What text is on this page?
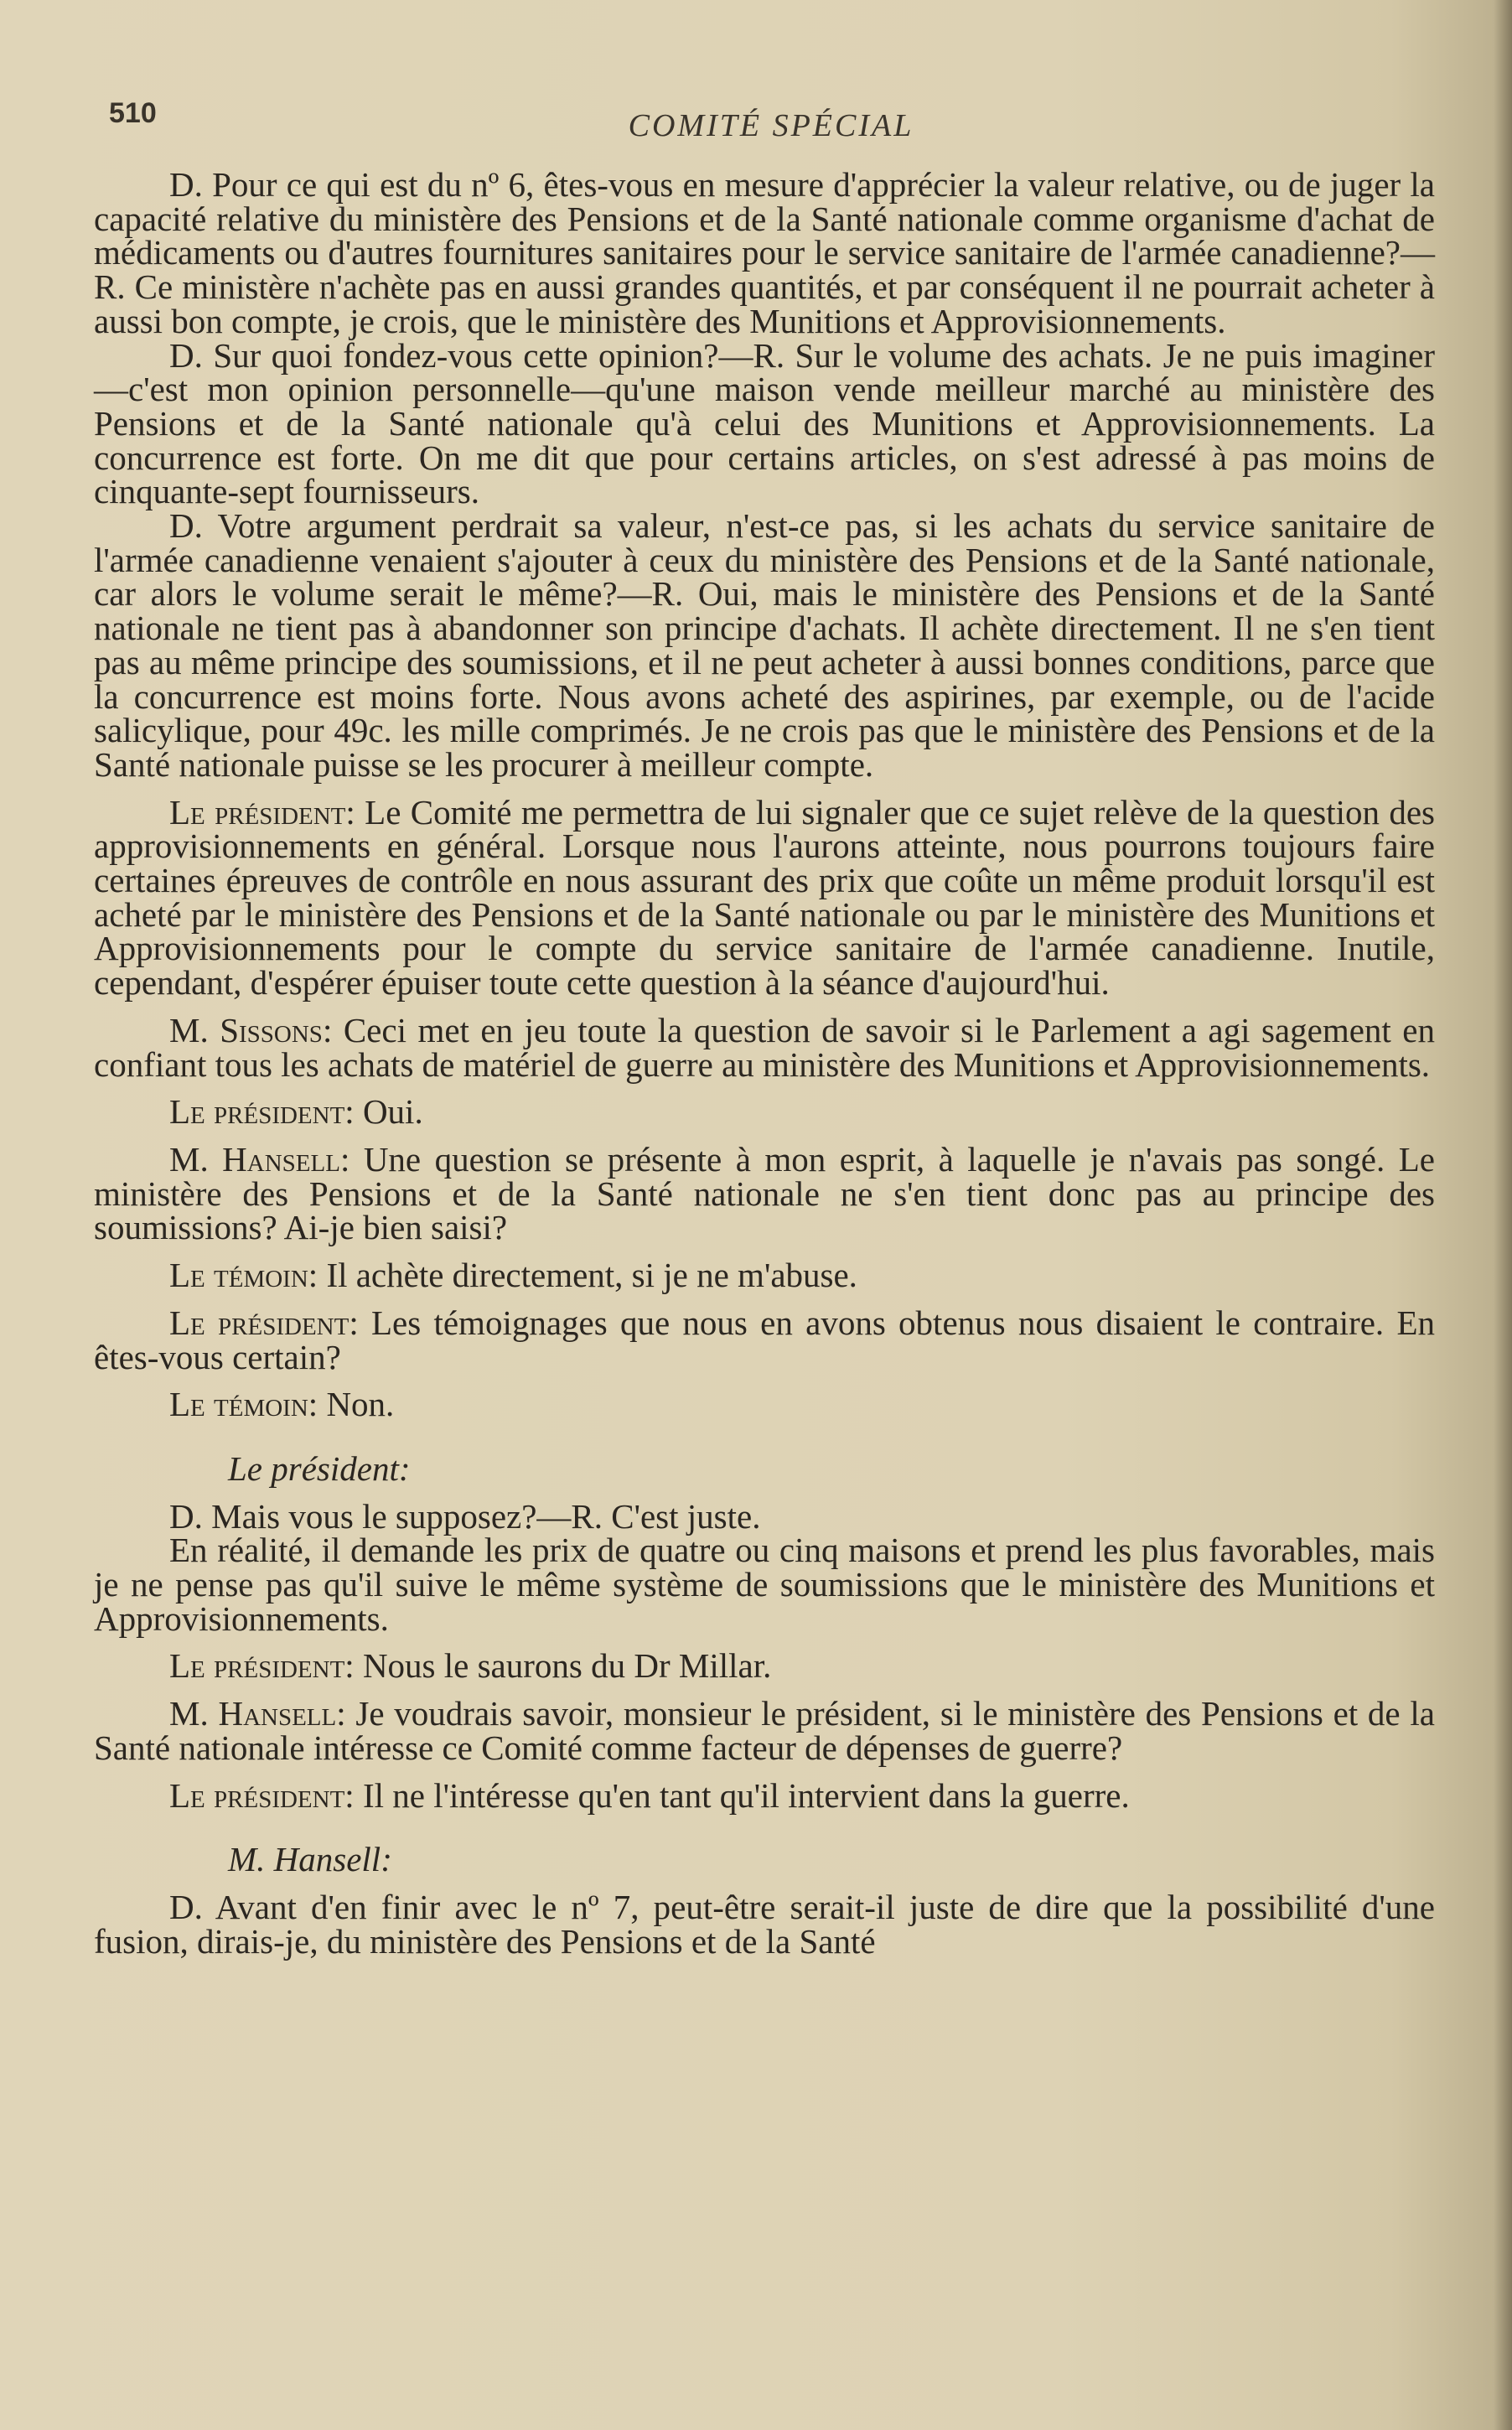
510	COMITÉ SPÉCIAL

D. Pour ce qui est du nº 6, êtes-vous en mesure d'apprécier la valeur relative, ou de juger la capacité relative du ministère des Pensions et de la Santé nationale comme organisme d'achat de médicaments ou d'autres fournitures sanitaires pour le service sanitaire de l'armée canadienne?—R. Ce ministère n'achète pas en aussi grandes quantités, et par conséquent il ne pourrait acheter à aussi bon compte, je crois, que le ministère des Munitions et Approvisionnements.

D. Sur quoi fondez-vous cette opinion?—R. Sur le volume des achats. Je ne puis imaginer—c'est mon opinion personnelle—qu'une maison vende meilleur marché au ministère des Pensions et de la Santé nationale qu'à celui des Munitions et Approvisionnements. La concurrence est forte. On me dit que pour certains articles, on s'est adressé à pas moins de cinquante-sept fournisseurs.

D. Votre argument perdrait sa valeur, n'est-ce pas, si les achats du service sanitaire de l'armée canadienne venaient s'ajouter à ceux du ministère des Pensions et de la Santé nationale, car alors le volume serait le même?—R. Oui, mais le ministère des Pensions et de la Santé nationale ne tient pas à abandonner son principe d'achats. Il achète directement. Il ne s'en tient pas au même principe des soumissions, et il ne peut acheter à aussi bonnes conditions, parce que la concurrence est moins forte. Nous avons acheté des aspirines, par exemple, ou de l'acide salicylique, pour 49c. les mille comprimés. Je ne crois pas que le ministère des Pensions et de la Santé nationale puisse se les procurer à meilleur compte.

Le président: Le Comité me permettra de lui signaler que ce sujet relève de la question des approvisionnements en général. Lorsque nous l'aurons atteinte, nous pourrons toujours faire certaines épreuves de contrôle en nous assurant des prix que coûte un même produit lorsqu'il est acheté par le ministère des Pensions et de la Santé nationale ou par le ministère des Munitions et Approvisionnements pour le compte du service sanitaire de l'armée canadienne. Inutile, cependant, d'espérer épuiser toute cette question à la séance d'aujourd'hui.

M. Sissons: Ceci met en jeu toute la question de savoir si le Parlement a agi sagement en confiant tous les achats de matériel de guerre au ministère des Munitions et Approvisionnements.

Le président: Oui.

M. Hansell: Une question se présente à mon esprit, à laquelle je n'avais pas songé. Le ministère des Pensions et de la Santé nationale ne s'en tient donc pas au principe des soumissions? Ai-je bien saisi?

Le témoin: Il achète directement, si je ne m'abuse.

Le président: Les témoignages que nous en avons obtenus nous disaient le contraire. En êtes-vous certain?

Le témoin: Non.

Le président:

D. Mais vous le supposez?—R. C'est juste.

En réalité, il demande les prix de quatre ou cinq maisons et prend les plus favorables, mais je ne pense pas qu'il suive le même système de soumissions que le ministère des Munitions et Approvisionnements.

Le président: Nous le saurons du Dr Millar.

M. Hansell: Je voudrais savoir, monsieur le président, si le ministère des Pensions et de la Santé nationale intéresse ce Comité comme facteur de dépenses de guerre?

Le président: Il ne l'intéresse qu'en tant qu'il intervient dans la guerre.

M. Hansell:

D. Avant d'en finir avec le nº 7, peut-être serait-il juste de dire que la possibilité d'une fusion, dirais-je, du ministère des Pensions et de la Santé
